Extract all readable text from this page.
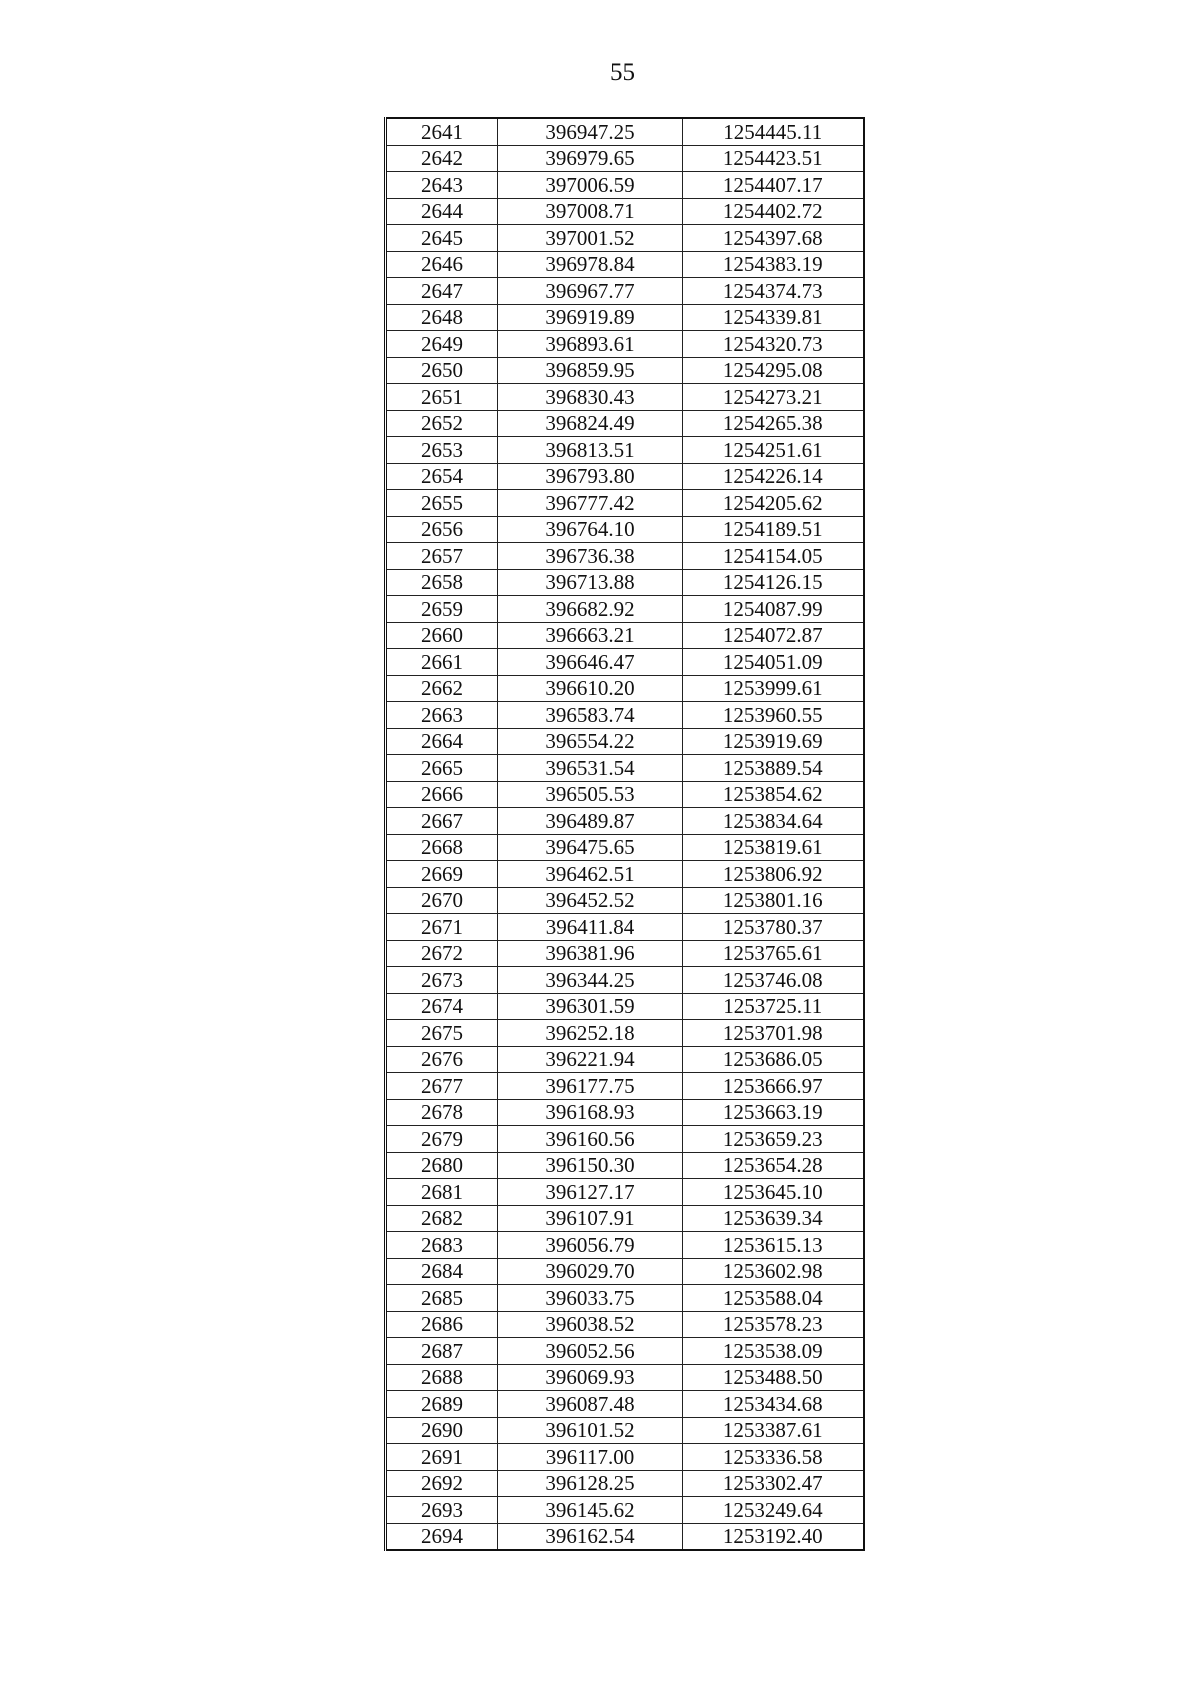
55
2641	396947.25	1254445.11
2642	396979.65	1254423.51
2643	397006.59	1254407.17
2644	397008.71	1254402.72
2645	397001.52	1254397.68
2646	396978.84	1254383.19
2647	396967.77	1254374.73
2648	396919.89	1254339.81
2649	396893.61	1254320.73
2650	396859.95	1254295.08
2651	396830.43	1254273.21
2652	396824.49	1254265.38
2653	396813.51	1254251.61
2654	396793.80	1254226.14
2655	396777.42	1254205.62
2656	396764.10	1254189.51
2657	396736.38	1254154.05
2658	396713.88	1254126.15
2659	396682.92	1254087.99
2660	396663.21	1254072.87
2661	396646.47	1254051.09
2662	396610.20	1253999.61
2663	396583.74	1253960.55
2664	396554.22	1253919.69
2665	396531.54	1253889.54
2666	396505.53	1253854.62
2667	396489.87	1253834.64
2668	396475.65	1253819.61
2669	396462.51	1253806.92
2670	396452.52	1253801.16
2671	396411.84	1253780.37
2672	396381.96	1253765.61
2673	396344.25	1253746.08
2674	396301.59	1253725.11
2675	396252.18	1253701.98
2676	396221.94	1253686.05
2677	396177.75	1253666.97
2678	396168.93	1253663.19
2679	396160.56	1253659.23
2680	396150.30	1253654.28
2681	396127.17	1253645.10
2682	396107.91	1253639.34
2683	396056.79	1253615.13
2684	396029.70	1253602.98
2685	396033.75	1253588.04
2686	396038.52	1253578.23
2687	396052.56	1253538.09
2688	396069.93	1253488.50
2689	396087.48	1253434.68
2690	396101.52	1253387.61
2691	396117.00	1253336.58
2692	396128.25	1253302.47
2693	396145.62	1253249.64
2694	396162.54	1253192.40
